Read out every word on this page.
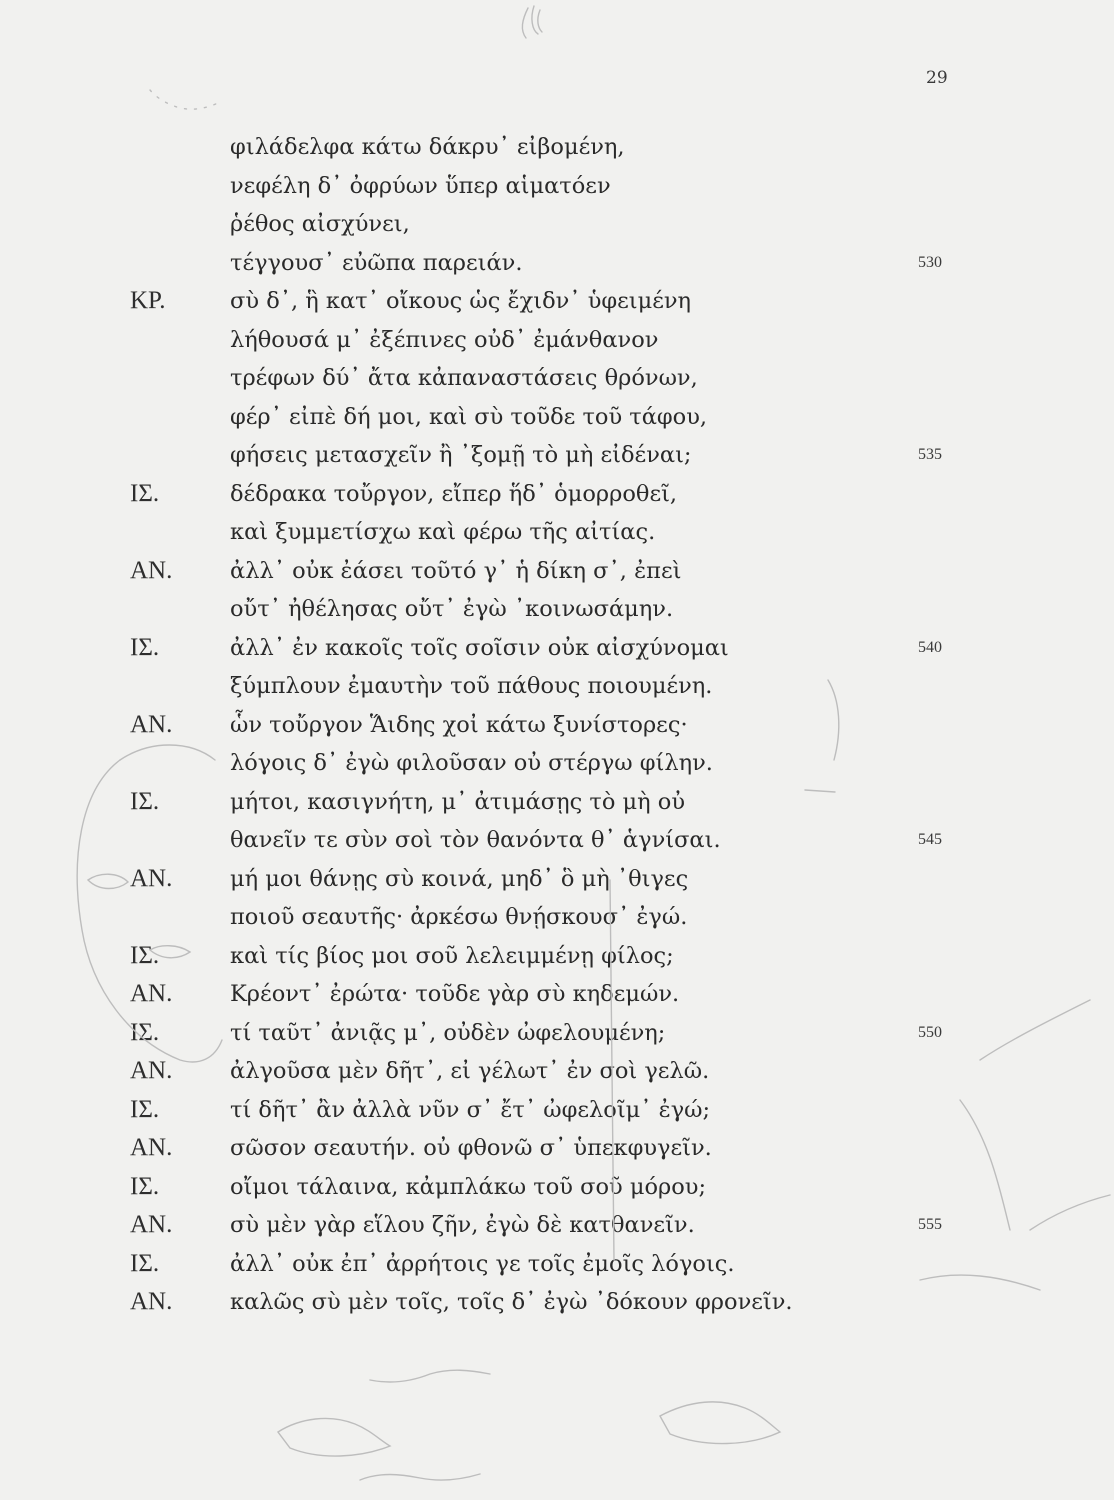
29
φιλάδελφα κάτω δάκρυ᾽ εἰβομένη,
νεφέλη δ᾽ ὀφρύων ὕπερ αἱματόεν
ῥέθος αἰσχύνει,
τέγγουσ᾽ εὐῶπα παρειάν.	530
ΚΡ.	σὺ δ᾽, ἣ κατ᾽ οἴκους ὡς ἔχιδν᾽ ὑφειμένη
λήθουσά μ᾽ ἐξέπινες οὐδ᾽ ἐμάνθανον
τρέφων δύ᾽ ἄτα κἀπαναστάσεις θρόνων,
φέρ᾽ εἰπὲ δή μοι, καὶ σὺ τοῦδε τοῦ τάφου,
φήσεις μετασχεῖν ἢ ᾽ξομῇ τὸ μὴ εἰδέναι;	535
ΙΣ.	δέδρακα τοὔργον, εἴπερ ἥδ᾽ ὁμορροθεῖ,
καὶ ξυμμετίσχω καὶ φέρω τῆς αἰτίας.
ΑΝ.	ἀλλ᾽ οὐκ ἐάσει τοῦτό γ᾽ ἡ δίκη σ᾽, ἐπεὶ
οὔτ᾽ ἠθέλησας οὔτ᾽ ἐγὼ ᾽κοινωσάμην.
ΙΣ.	ἀλλ᾽ ἐν κακοῖς τοῖς σοῖσιν οὐκ αἰσχύνομαι	540
ξύμπλουν ἐμαυτὴν τοῦ πάθους ποιουμένη.
ΑΝ.	ὧν τοὔργον Ἅιδης χοἰ κάτω ξυνίστορες·
λόγοις δ᾽ ἐγὼ φιλοῦσαν οὐ στέργω φίλην.
ΙΣ.	μήτοι, κασιγνήτη, μ᾽ ἀτιμάσῃς τὸ μὴ οὐ
θανεῖν τε σὺν σοὶ τὸν θανόντα θ᾽ ἁγνίσαι.	545
ΑΝ.	μή μοι θάνῃς σὺ κοινά, μηδ᾽ ὃ μὴ ᾽θιγες
ποιοῦ σεαυτῆς· ἀρκέσω θνῄσκουσ᾽ ἐγώ.
ΙΣ.	καὶ τίς βίος μοι σοῦ λελειμμένῃ φίλος;
ΑΝ.	Κρέοντ᾽ ἐρώτα· τοῦδε γὰρ σὺ κηδεμών.
ΙΣ.	τί ταῦτ᾽ ἀνιᾷς μ᾽, οὐδὲν ὠφελουμένη;	550
ΑΝ.	ἀλγοῦσα μὲν δῆτ᾽, εἰ γέλωτ᾽ ἐν σοὶ γελῶ.
ΙΣ.	τί δῆτ᾽ ἂν ἀλλὰ νῦν σ᾽ ἔτ᾽ ὠφελοῖμ᾽ ἐγώ;
ΑΝ.	σῶσον σεαυτήν. οὐ φθονῶ σ᾽ ὑπεκφυγεῖν.
ΙΣ.	οἴμοι τάλαινα, κἀμπλάκω τοῦ σοῦ μόρου;
ΑΝ.	σὺ μὲν γὰρ εἵλου ζῆν, ἐγὼ δὲ κατθανεῖν.	555
ΙΣ.	ἀλλ᾽ οὐκ ἐπ᾽ ἀρρήτοις γε τοῖς ἐμοῖς λόγοις.
ΑΝ.	καλῶς σὺ μὲν τοῖς, τοῖς δ᾽ ἐγὼ ᾽δόκουν φρονεῖν.
